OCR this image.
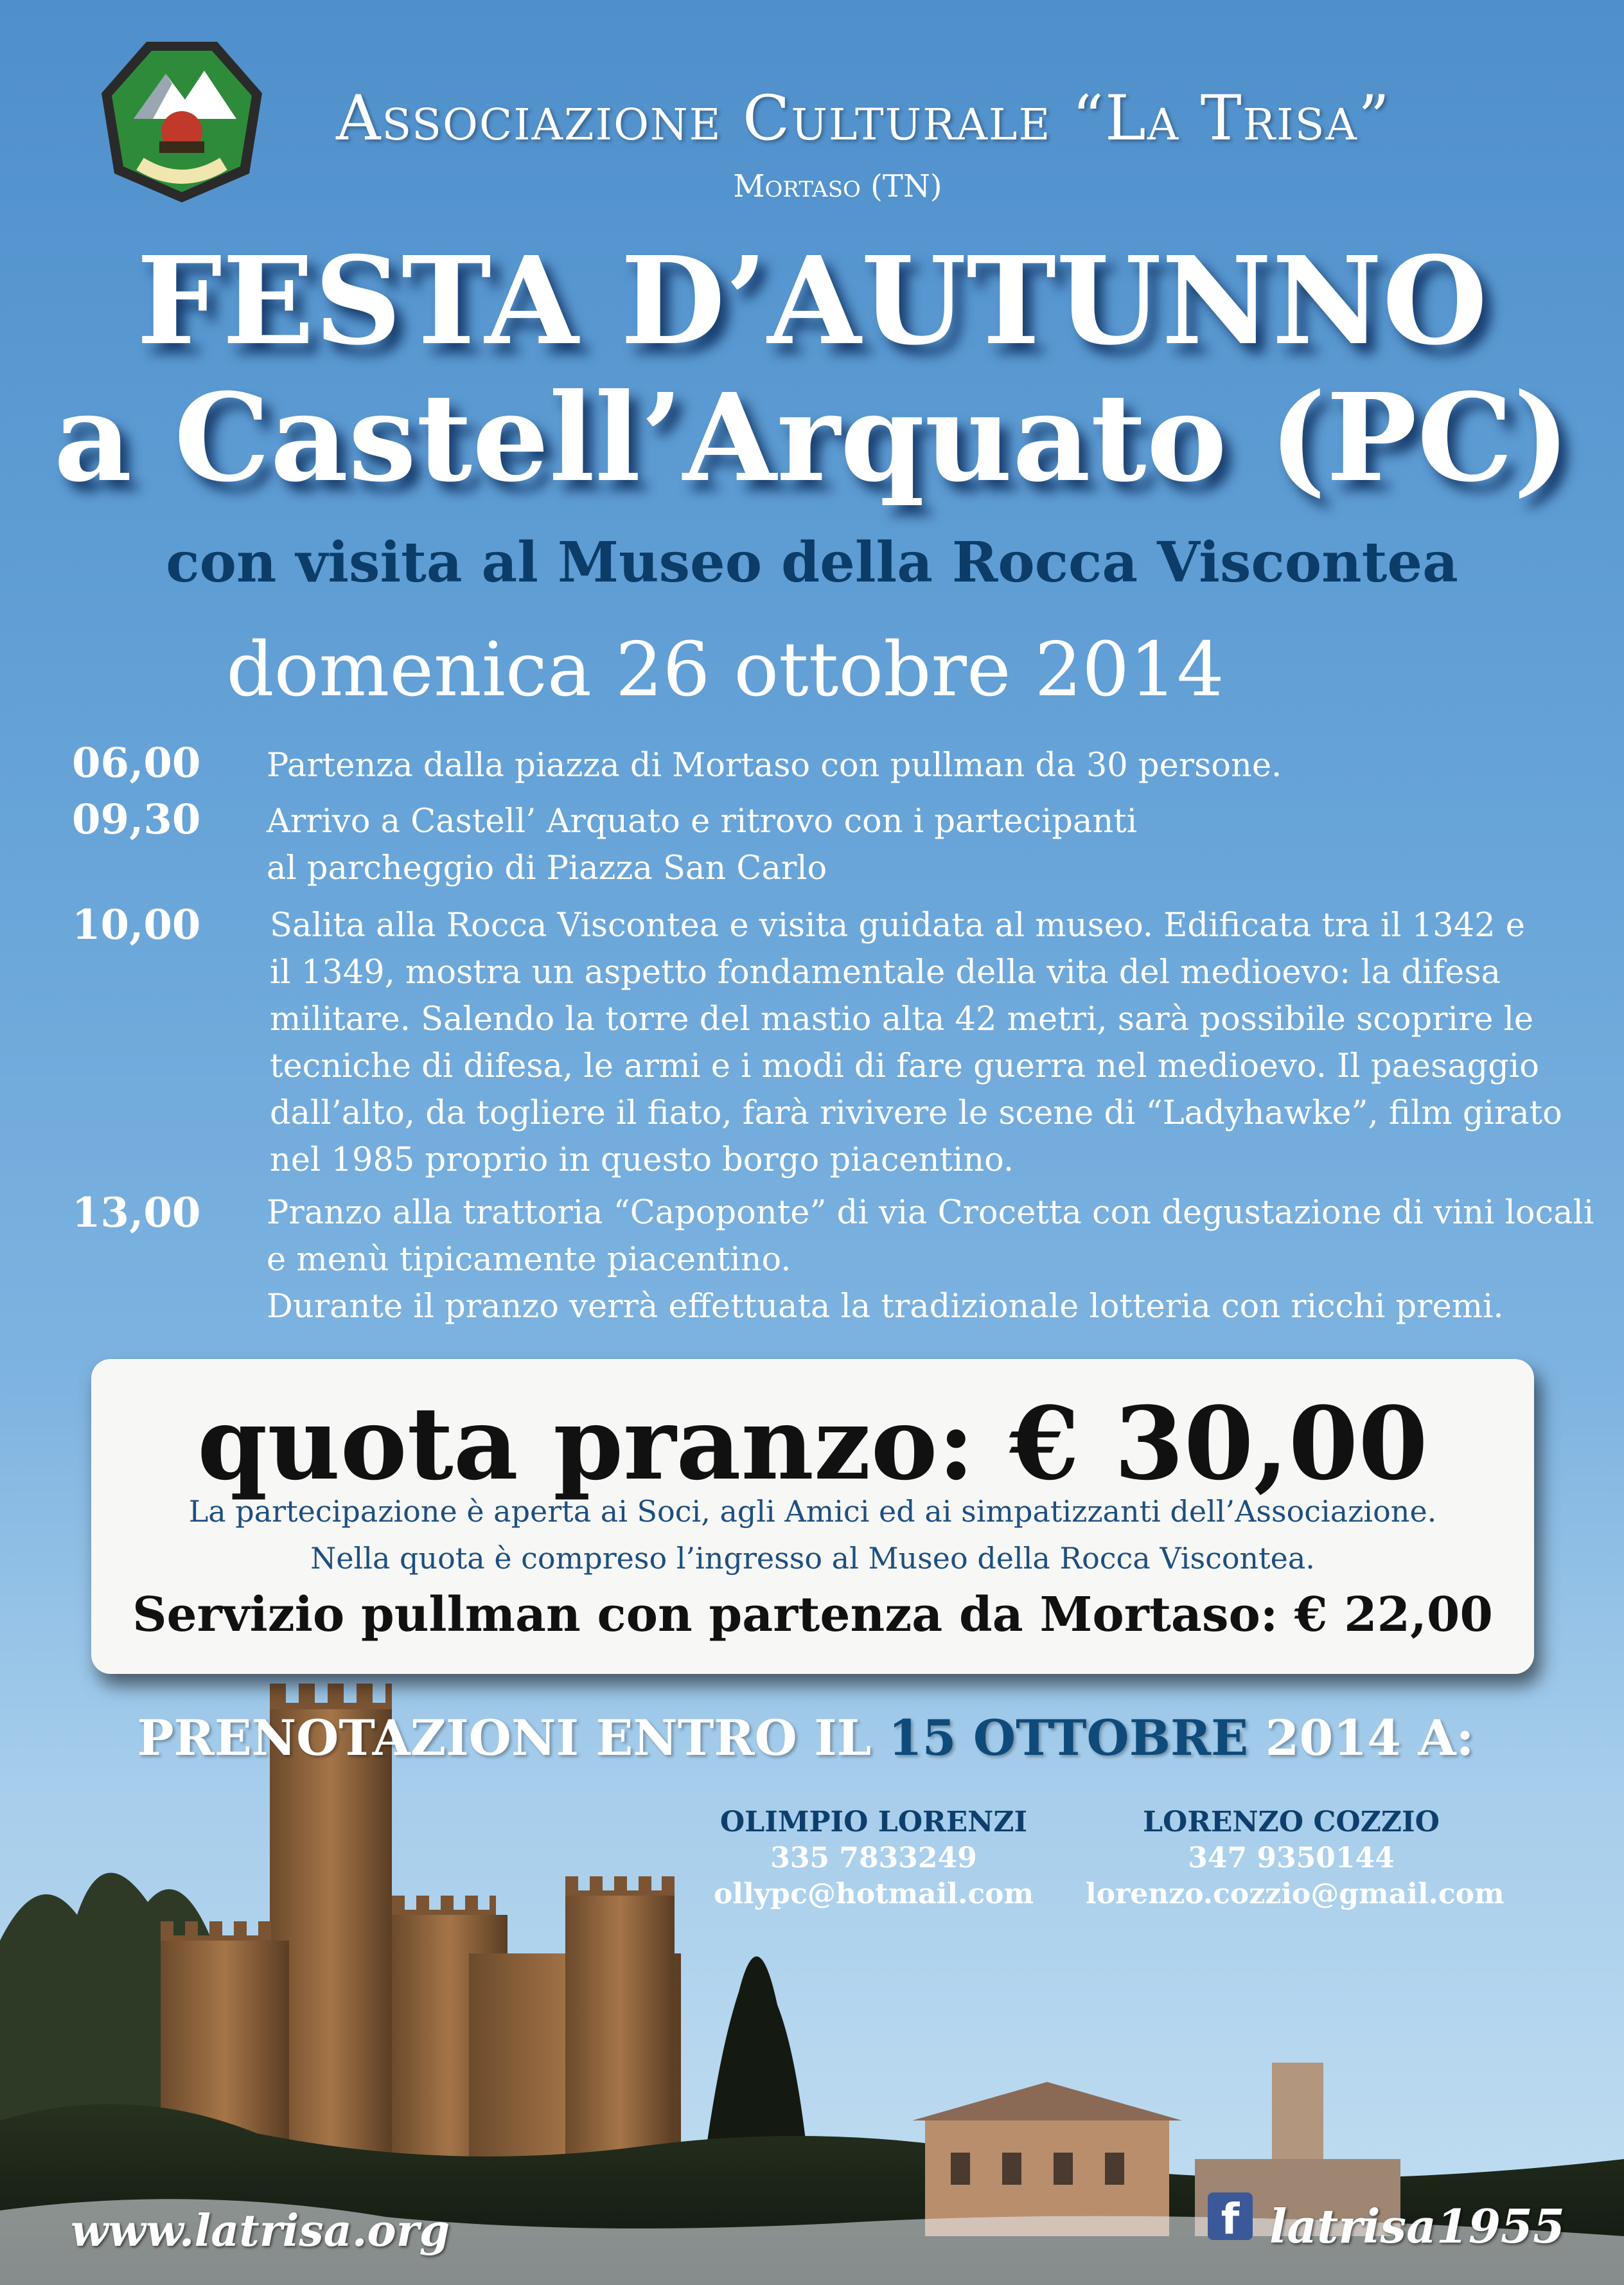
Associazione Culturale “La Trisa”
Mortaso (TN)
FESTA D’AUTUNNO
a Castell’Arquato (PC)
con visita al Museo della Rocca Viscontea
domenica 26 ottobre 2014
06,00 Partenza dalla piazza di Mortaso con pullman da 30 persone.
09,30 Arrivo a Castell’ Arquato e ritrovo con i partecipanti
al parcheggio di Piazza San Carlo
10,00 Salita alla Rocca Viscontea e visita guidata al museo. Edificata tra il 1342 e
il 1349, mostra un aspetto fondamentale della vita del medioevo: la difesa
militare. Salendo la torre del mastio alta 42 metri, sarà possibile scoprire le
tecniche di difesa, le armi e i modi di fare guerra nel medioevo. Il paesaggio
dall’alto, da togliere il fiato, farà rivivere le scene di “Ladyhawke”, film girato
nel 1985 proprio in questo borgo piacentino.
13,00 Pranzo alla trattoria “Capoponte” di via Crocetta con degustazione di vini locali
e menù tipicamente piacentino.
Durante il pranzo verrà effettuata la tradizionale lotteria con ricchi premi.
quota pranzo: € 30,00
La partecipazione è aperta ai Soci, agli Amici ed ai simpatizzanti dell’Associazione.
Nella quota è compreso l’ingresso al Museo della Rocca Viscontea.
Servizio pullman con partenza da Mortaso: € 22,00
PRENOTAZIONI ENTRO IL 15 OTTOBRE 2014 A:
OLIMPIO LORENZI
335 7833249
ollypc@hotmail.com
LORENZO COZZIO
347 9350144
lorenzo.cozzio@gmail.com
www.latrisa.org	f latrisa1955
